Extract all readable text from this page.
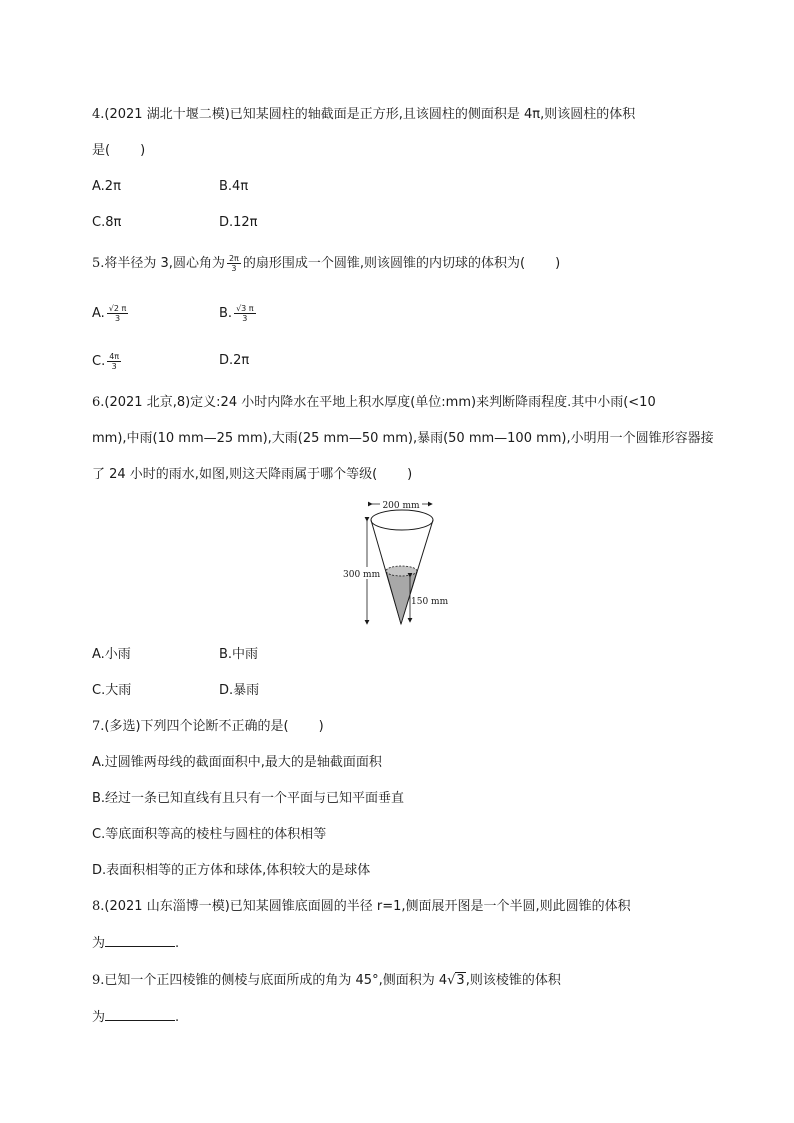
4.(2021 湖北十堰二模)已知某圆柱的轴截面是正方形,且该圆柱的侧面积是 4π,则该圆柱的体积
是( )
A.2π	B.4π
C.8π	D.12π
5.将半径为 3,圆心角为 $\frac{2\pi}{3}$ 的扇形围成一个圆锥,则该圆锥的内切球的体积为( )
A. $\frac{√2 \pi}{3}$	B. $\frac{√3 \pi}{3}$
C. $\frac{4\pi}{3}$	D.2π
6.(2021 北京,8)定义:24 小时内降水在平地上积水厚度(单位:mm)来判断降雨程度.其中小雨(<10
mm),中雨(10 mm—25 mm),大雨(25 mm—50 mm),暴雨(50 mm—100 mm),小明用一个圆锥形容器接
了 24 小时的雨水,如图,则这天降雨属于哪个等级( )
200 mm
300 mm
150 mm
A.小雨	B.中雨
C.大雨	D.暴雨
7.(多选)下列四个论断不正确的是( )
A.过圆锥两母线的截面面积中,最大的是轴截面面积
B.经过一条已知直线有且只有一个平面与已知平面垂直
C.等底面积等高的棱柱与圆柱的体积相等
D.表面积相等的正方体和球体,体积较大的是球体
8.(2021 山东淄博一模)已知某圆锥底面圆的半径 r=1,侧面展开图是一个半圆,则此圆锥的体积
为	.
9.已知一个正四棱锥的侧棱与底面所成的角为 45°,侧面积为 4√3,则该棱锥的体积
为	.
